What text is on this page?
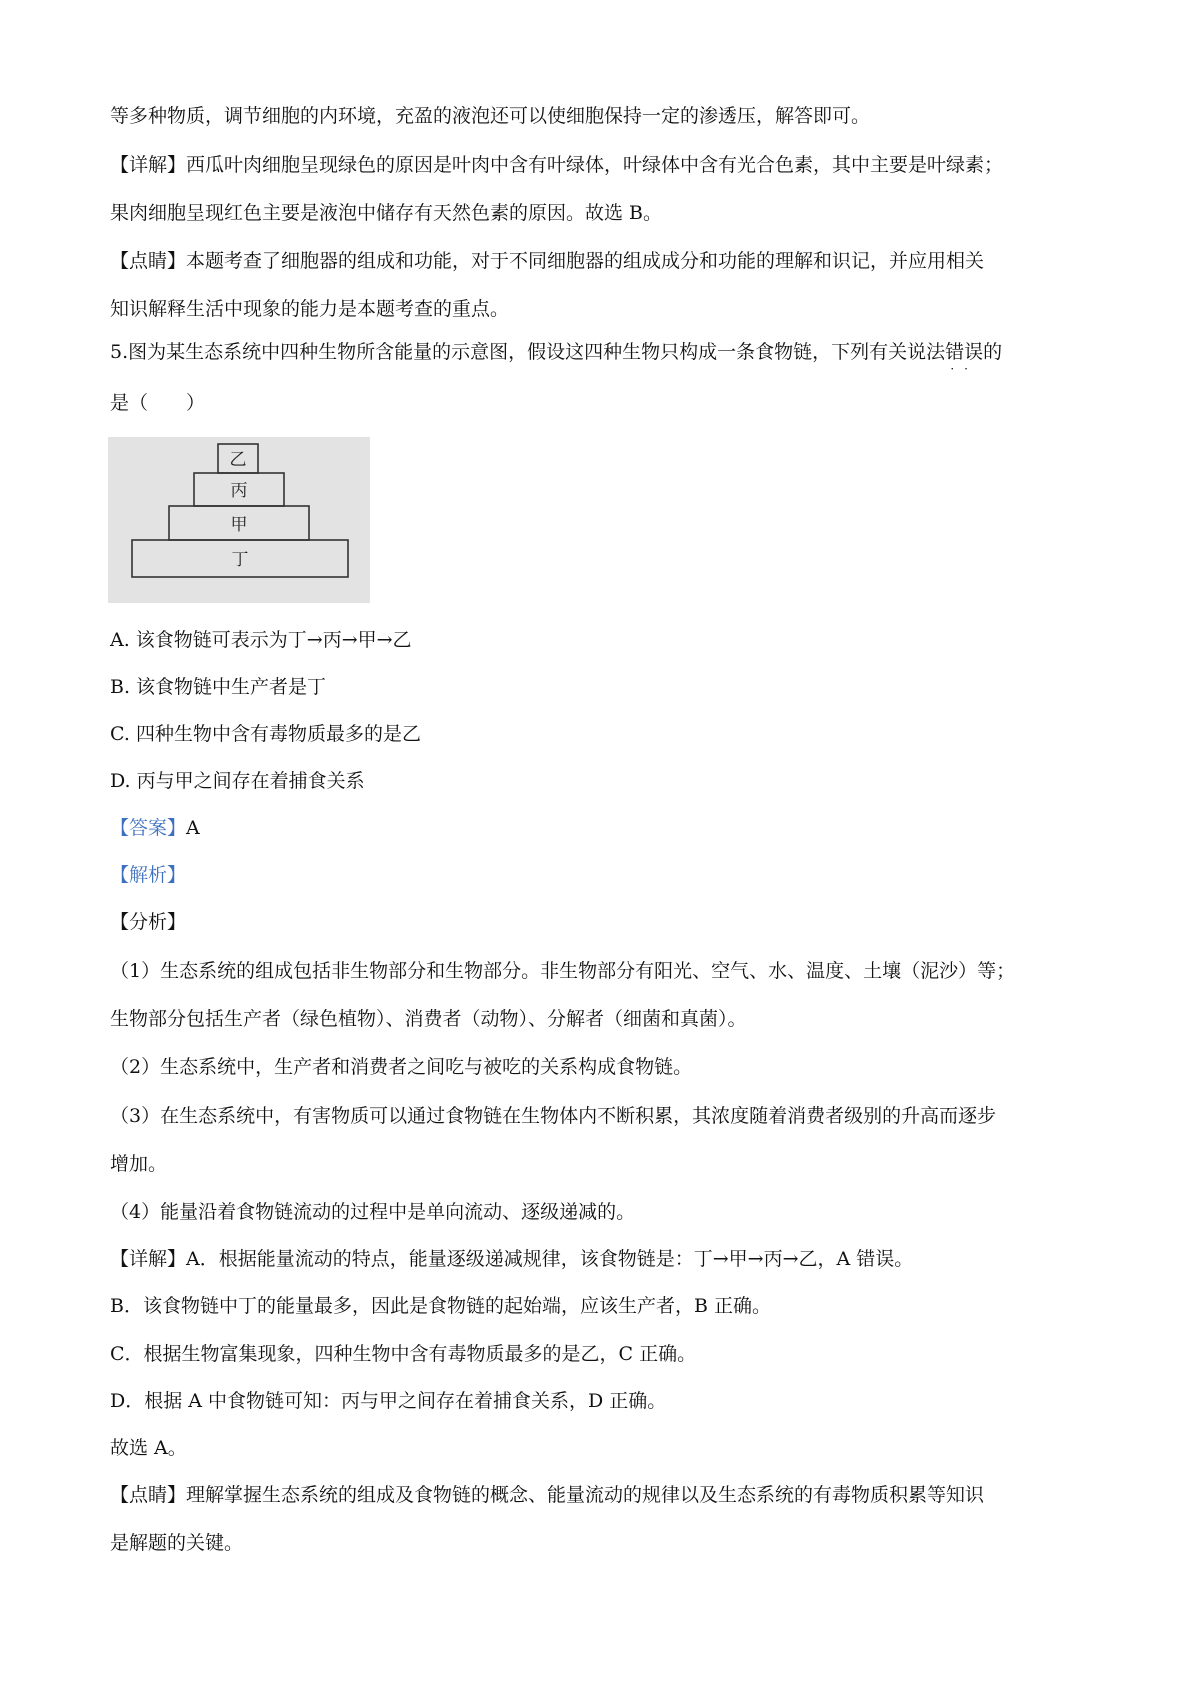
等多种物质，调节细胞的内环境，充盈的液泡还可以使细胞保持一定的渗透压，解答即可。
【详解】西瓜叶肉细胞呈现绿色的原因是叶肉中含有叶绿体，叶绿体中含有光合色素，其中主要是叶绿素；
果肉细胞呈现红色主要是液泡中储存有天然色素的原因。故选 B。
【点睛】本题考查了细胞器的组成和功能，对于不同细胞器的组成成分和功能的理解和识记，并应用相关
知识解释生活中现象的能力是本题考查的重点。
5.图为某生态系统中四种生物所含能量的示意图，假设这四种生物只构成一条食物链，下列有关说法错误
··
的
是（　　）
乙
丙
甲
丁
A. 该食物链可表示为丁→丙→甲→乙
B. 该食物链中生产者是丁
C. 四种生物中含有毒物质最多的是乙
D. 丙与甲之间存在着捕食关系
【答案】A
【解析】
【分析】
（1）生态系统的组成包括非生物部分和生物部分。非生物部分有阳光、空气、水、温度、土壤（泥沙）等；
生物部分包括生产者（绿色植物）、消费者（动物）、分解者（细菌和真菌）。
（2）生态系统中，生产者和消费者之间吃与被吃的关系构成食物链。
（3）在生态系统中，有害物质可以通过食物链在生物体内不断积累，其浓度随着消费者级别的升高而逐步
增加。
（4）能量沿着食物链流动的过程中是单向流动、逐级递减的。
【详解】A．根据能量流动的特点，能量逐级递减规律，该食物链是：丁→甲→丙→乙，A 错误。
B．该食物链中丁的能量最多，因此是食物链的起始端，应该生产者，B 正确。
C．根据生物富集现象，四种生物中含有毒物质最多的是乙，C 正确。
D．根据 A 中食物链可知：丙与甲之间存在着捕食关系，D 正确。
故选 A。
【点睛】理解掌握生态系统的组成及食物链的概念、能量流动的规律以及生态系统的有毒物质积累等知识
是解题的关键。
